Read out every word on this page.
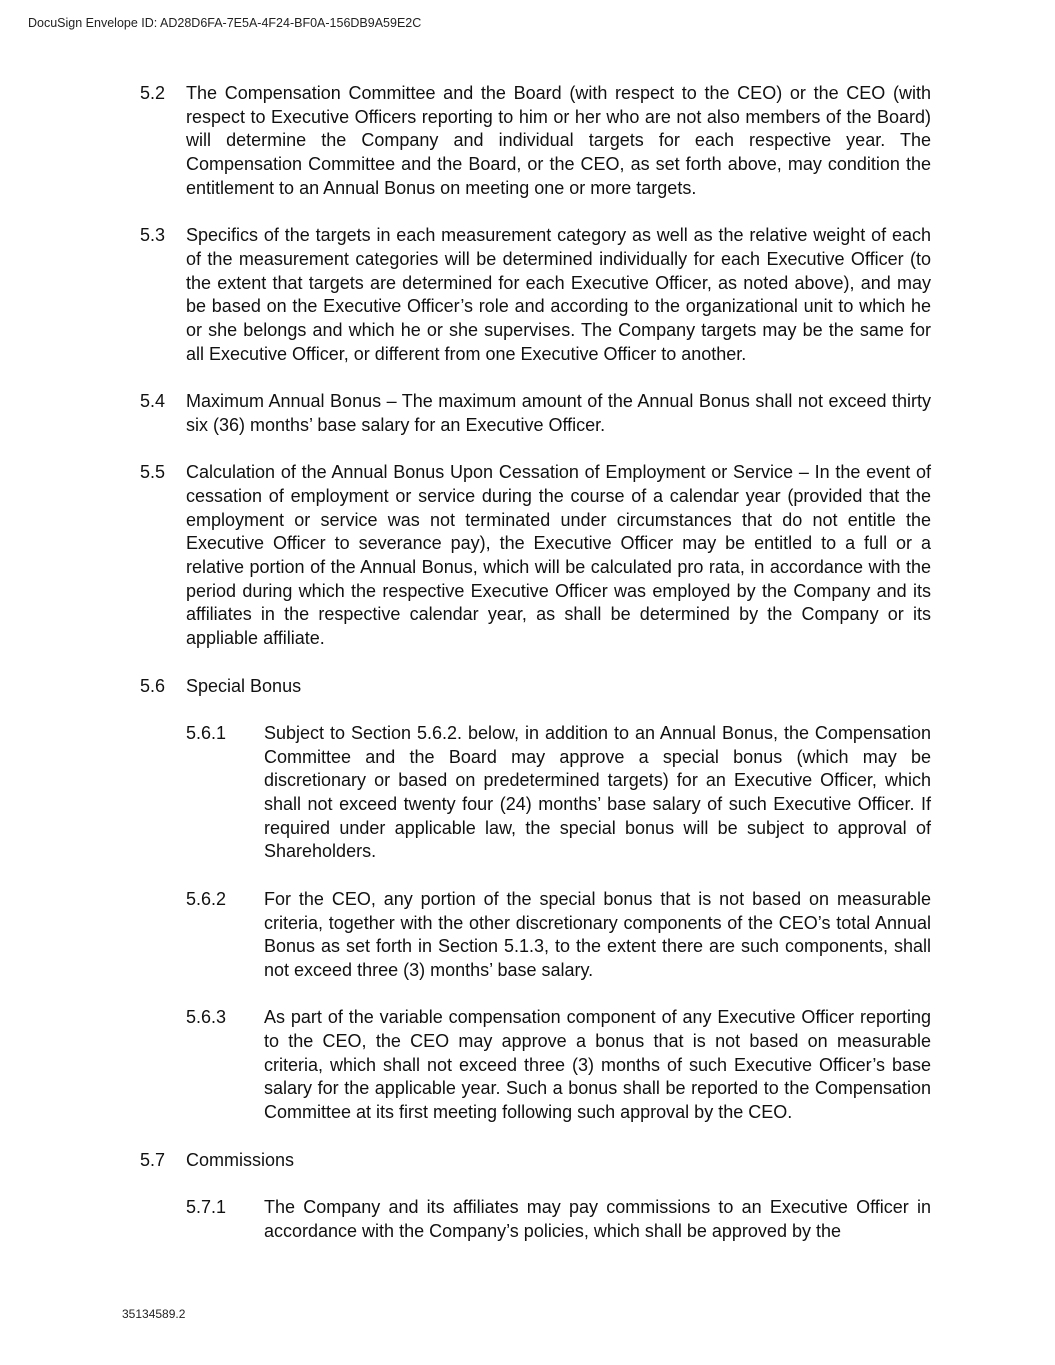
DocuSign Envelope ID: AD28D6FA-7E5A-4F24-BF0A-156DB9A59E2C
5.2	The Compensation Committee and the Board (with respect to the CEO) or the CEO (with respect to Executive Officers reporting to him or her who are not also members of the Board) will determine the Company and individual targets for each respective year. The Compensation Committee and the Board, or the CEO, as set forth above, may condition the entitlement to an Annual Bonus on meeting one or more targets.
5.3	Specifics of the targets in each measurement category as well as the relative weight of each of the measurement categories will be determined individually for each Executive Officer (to the extent that targets are determined for each Executive Officer, as noted above), and may be based on the Executive Officer’s role and according to the organizational unit to which he or she belongs and which he or she supervises. The Company targets may be the same for all Executive Officer, or different from one Executive Officer to another.
5.4	Maximum Annual Bonus – The maximum amount of the Annual Bonus shall not exceed thirty six (36) months’ base salary for an Executive Officer.
5.5	Calculation of the Annual Bonus Upon Cessation of Employment or Service – In the event of cessation of employment or service during the course of a calendar year (provided that the employment or service was not terminated under circumstances that do not entitle the Executive Officer to severance pay), the Executive Officer may be entitled to a full or a relative portion of the Annual Bonus, which will be calculated pro rata, in accordance with the period during which the respective Executive Officer was employed by the Company and its affiliates in the respective calendar year, as shall be determined by the Company or its appliable affiliate.
5.6	Special Bonus
5.6.1	Subject to Section 5.6.2. below, in addition to an Annual Bonus, the Compensation Committee and the Board may approve a special bonus (which may be discretionary or based on predetermined targets) for an Executive Officer, which shall not exceed twenty four (24) months’ base salary of such Executive Officer. If required under applicable law, the special bonus will be subject to approval of Shareholders.
5.6.2	For the CEO, any portion of the special bonus that is not based on measurable criteria, together with the other discretionary components of the CEO’s total Annual Bonus as set forth in Section 5.1.3, to the extent there are such components, shall not exceed three (3) months’ base salary.
5.6.3	As part of the variable compensation component of any Executive Officer reporting to the CEO, the CEO may approve a bonus that is not based on measurable criteria, which shall not exceed three (3) months of such Executive Officer’s base salary for the applicable year. Such a bonus shall be reported to the Compensation Committee at its first meeting following such approval by the CEO.
5.7	Commissions
5.7.1	The Company and its affiliates may pay commissions to an Executive Officer in accordance with the Company’s policies, which shall be approved by the
35134589.2
